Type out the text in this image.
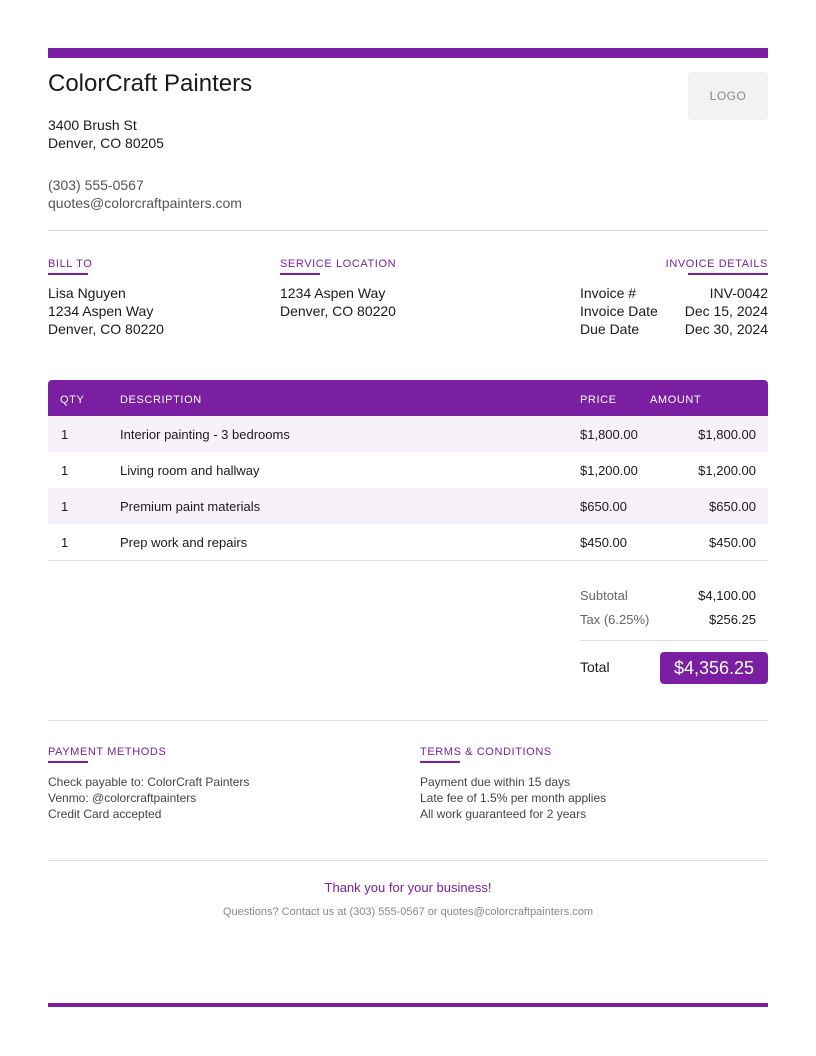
ColorCraft Painters
3400 Brush St
Denver, CO 80205
(303) 555-0567
quotes@colorcraftpainters.com
LOGO
BILL TO
Lisa Nguyen
1234 Aspen Way
Denver, CO 80220
SERVICE LOCATION
1234 Aspen Way
Denver, CO 80220
INVOICE DETAILS
Invoice #	INV-0042
Invoice Date	Dec 15, 2024
Due Date	Dec 30, 2024
QTY	DESCRIPTION	PRICE	AMOUNT
1	Interior painting - 3 bedrooms	$1,800.00	$1,800.00
1	Living room and hallway	$1,200.00	$1,200.00
1	Premium paint materials	$650.00	$650.00
1	Prep work and repairs	$450.00	$450.00
Subtotal	$4,100.00
Tax (6.25%)	$256.25
Total	$4,356.25
PAYMENT METHODS
Check payable to: ColorCraft Painters
Venmo: @colorcraftpainters
Credit Card accepted
TERMS & CONDITIONS
Payment due within 15 days
Late fee of 1.5% per month applies
All work guaranteed for 2 years
Thank you for your business!
Questions? Contact us at (303) 555-0567 or quotes@colorcraftpainters.com
